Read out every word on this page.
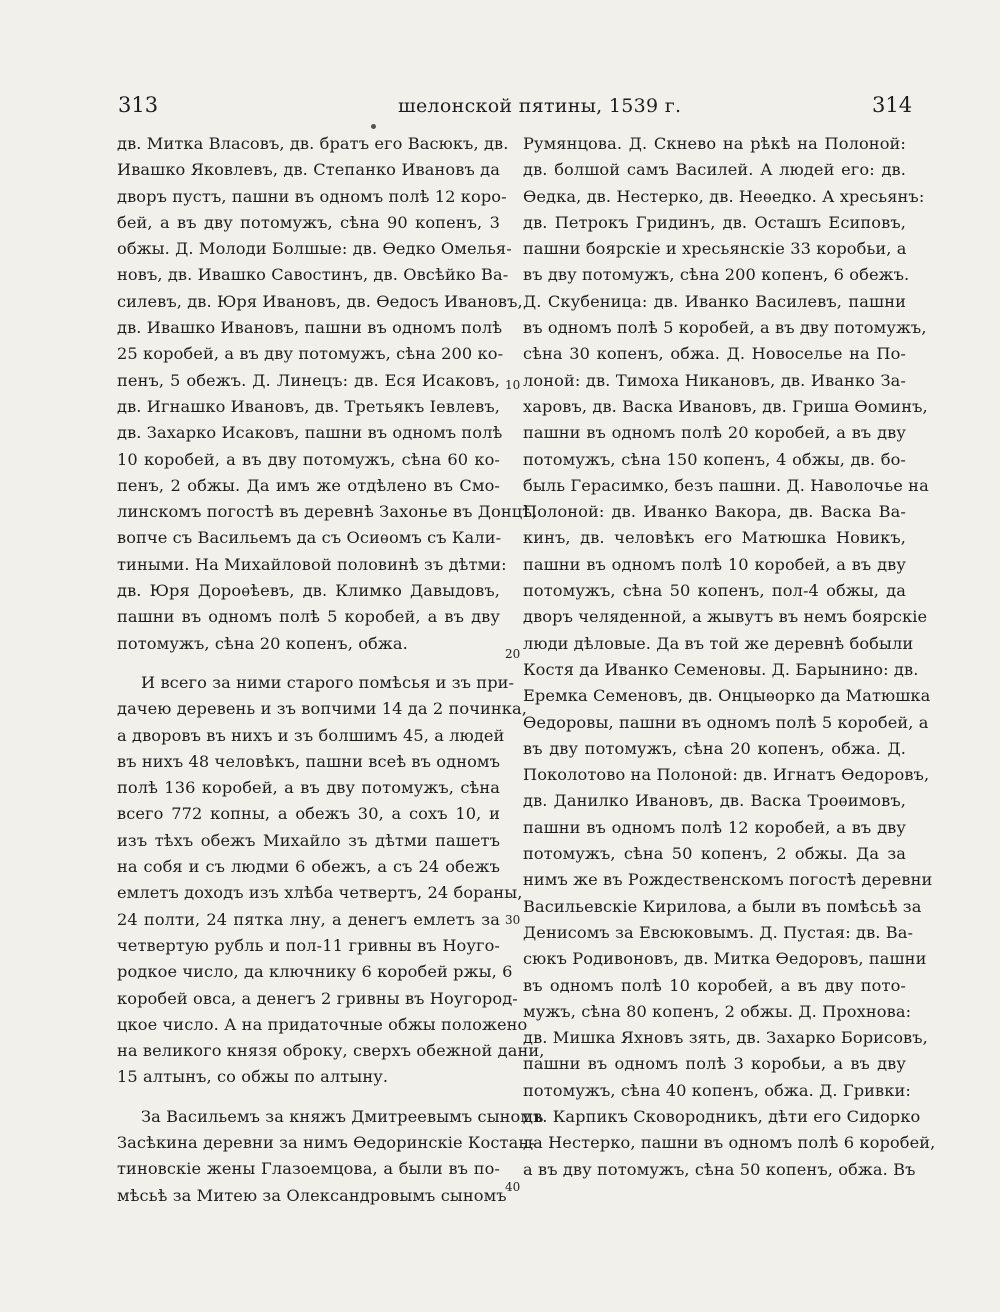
313	шелонской пятины, 1539 г.	314
дв. Митка Власовъ, дв. братъ его Васюкъ, дв.
Ивашко Яковлевъ, дв. Степанко Ивановъ да
дворъ пустъ, пашни въ одномъ полѣ 12 коро-
бей, а въ дву потомужъ, сѣна 90 копенъ, 3
обжы. Д. Молоди Болшые: дв. Ѳедко Омелья-
новъ, дв. Ивашко Савостинъ, дв. Овсѣйко Ва-
силевъ, дв. Юря Ивановъ, дв. Ѳедосъ Ивановъ,
дв. Ивашко Ивановъ, пашни въ одномъ полѣ
25 коробей, а въ дву потомужъ, сѣна 200 ко-
пенъ, 5 обежъ. Д. Линецъ: дв. Еся Исаковъ,
дв. Игнашко Ивановъ, дв. Третьякъ Іевлевъ,
дв. Захарко Исаковъ, пашни въ одномъ полѣ
10 коробей, а въ дву потомужъ, сѣна 60 ко-
пенъ, 2 обжы. Да имъ же отдѣлено въ Смо-
линскомъ погостѣ въ деревнѣ Захонье въ Донцѣ,
вопче съ Васильемъ да съ Осиѳомъ съ Кали-
тиными. На Михайловой половинѣ зъ дѣтми:
дв. Юря Дороѳѣевъ, дв. Климко Давыдовъ,
пашни въ одномъ полѣ 5 коробей, а въ дву
потомужъ, сѣна 20 копенъ, обжа.
И всего за ними старого помѣсья и зъ при-
дачею деревень и зъ вопчими 14 да 2 починка,
а дворовъ въ нихъ и зъ болшимъ 45, а людей
въ нихъ 48 человѣкъ, пашни всеѣ въ одномъ
полѣ 136 коробей, а въ дву потомужъ, сѣна
всего 772 копны, а обежъ 30, а сохъ 10, и
изъ тѣхъ обежъ Михайло зъ дѣтми пашетъ
на собя и съ людми 6 обежъ, а съ 24 обежъ
емлетъ доходъ изъ хлѣба четвертъ, 24 бораны,
24 полти, 24 пятка лну, а денегъ емлетъ за
четвертую рубль и пол-11 гривны въ Ноуго-
родкое число, да ключнику 6 коробей ржы, 6
коробей овса, а денегъ 2 гривны въ Ноугород-
цкое число. А на придаточные обжы положено
на великого князя оброку, сверхъ обежной дани,
15 алтынъ, со обжы по алтыну.
За Васильемъ за княжъ Дмитреевымъ сыномъ
Засѣкина деревни за нимъ Ѳедоринскіе Костан-
тиновскіе жены Глазоемцова, а были въ по-
мѣсьѣ за Митею за Олександровымъ сыномъ
Румянцова. Д. Скнево на рѣкѣ на Полоной:
дв. болшой самъ Василей. А людей его: дв.
Ѳедка, дв. Нестерко, дв. Неѳедко. А хресьянъ:
дв. Петрокъ Гридинъ, дв. Осташъ Есиповъ,
пашни боярскіе и хресьянскіе 33 коробьи, а
въ дву потомужъ, сѣна 200 копенъ, 6 обежъ.
Д. Скубеница: дв. Иванко Василевъ, пашни
въ одномъ полѣ 5 коробей, а въ дву потомужъ,
сѣна 30 копенъ, обжа. Д. Новоселье на По-
лоной: дв. Тимоха Никановъ, дв. Иванко За-
харовъ, дв. Васка Ивановъ, дв. Гриша Ѳоминъ,
пашни въ одномъ полѣ 20 коробей, а въ дву
потомужъ, сѣна 150 копенъ, 4 обжы, дв. бо-
быль Герасимко, безъ пашни. Д. Наволочье на
Полоной: дв. Иванко Вакора, дв. Васка Ва-
кинъ, дв. человѣкъ его Матюшка Новикъ,
пашни въ одномъ полѣ 10 коробей, а въ дву
потомужъ, сѣна 50 копенъ, пол-4 обжы, да
дворъ челяденной, а жывутъ въ немъ боярскіе
люди дѣловые. Да въ той же деревнѣ бобыли
Костя да Иванко Семеновы. Д. Барынино: дв.
Еремка Семеновъ, дв. Онцыѳорко да Матюшка
Ѳедоровы, пашни въ одномъ полѣ 5 коробей, а
въ дву потомужъ, сѣна 20 копенъ, обжа. Д.
Поколотово на Полоной: дв. Игнатъ Ѳедоровъ,
дв. Данилко Ивановъ, дв. Васка Троѳимовъ,
пашни въ одномъ полѣ 12 коробей, а въ дву
потомужъ, сѣна 50 копенъ, 2 обжы. Да за
нимъ же въ Рождественскомъ погостѣ деревни
Васильевскіе Кирилова, а были въ помѣсьѣ за
Денисомъ за Евсюковымъ. Д. Пустая: дв. Ва-
сюкъ Родивоновъ, дв. Митка Ѳедоровъ, пашни
въ одномъ полѣ 10 коробей, а въ дву пото-
мужъ, сѣна 80 копенъ, 2 обжы. Д. Прохнова:
дв. Мишка Яхновъ зять, дв. Захарко Борисовъ,
пашни въ одномъ полѣ 3 коробьи, а въ дву
потомужъ, сѣна 40 копенъ, обжа. Д. Гривки:
дв. Карпикъ Сковородникъ, дѣти его Сидорко
да Нестерко, пашни въ одномъ полѣ 6 коробей,
а въ дву потомужъ, сѣна 50 копенъ, обжа. Въ
10
20
30
40
